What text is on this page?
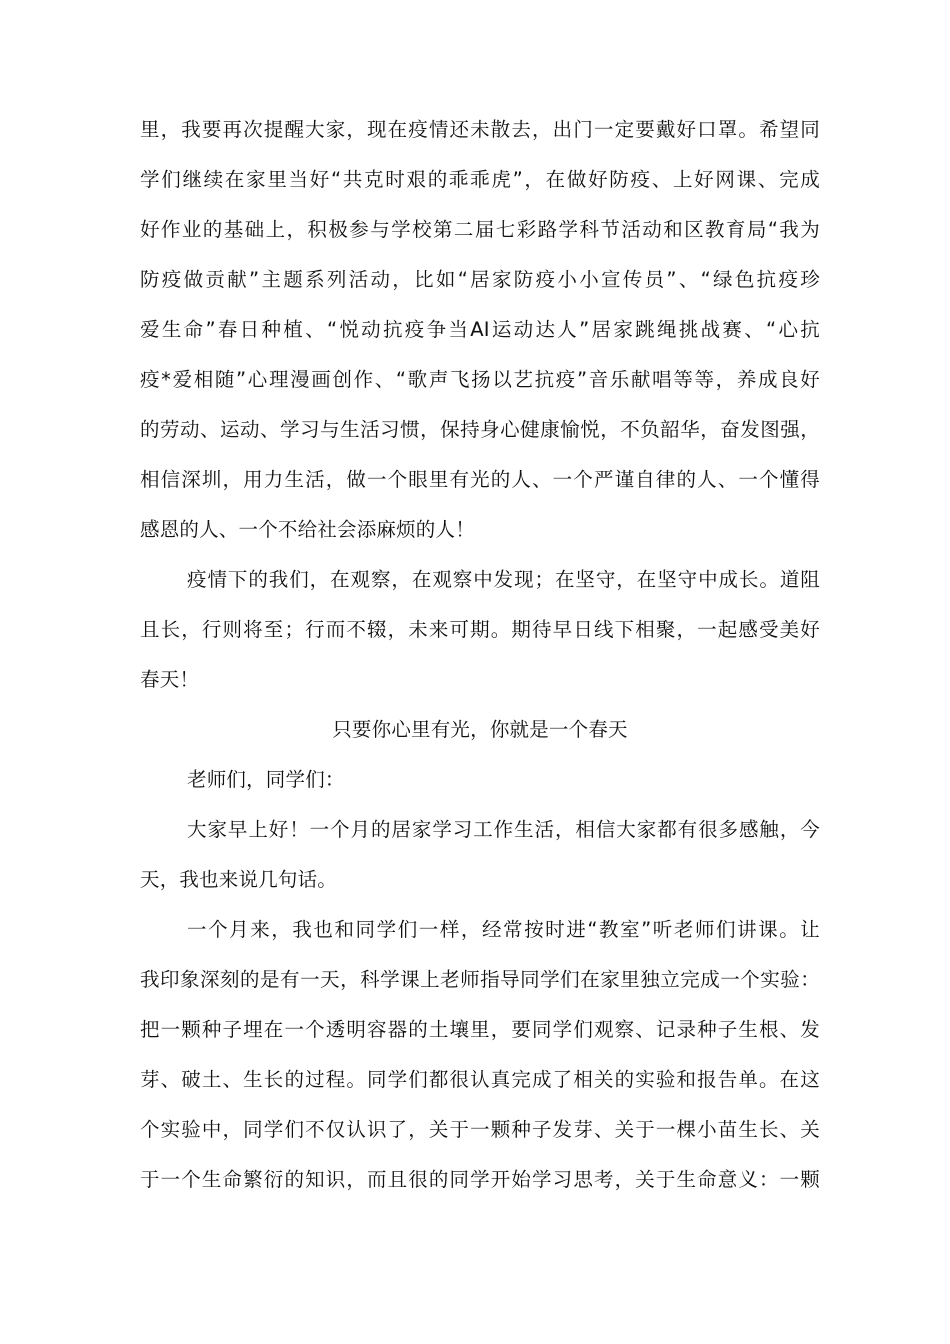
里，我要再次提醒大家，现在疫情还未散去，出门一定要戴好口罩。希望同
学们继续在家里当好“共克时艰的乖乖虎”，在做好防疫、上好网课、完成
好作业的基础上，积极参与学校第二届七彩路学科节活动和区教育局“我为
防疫做贡献”主题系列活动，比如“居家防疫小小宣传员”、“绿色抗疫珍
爱生命”春日种植、“悦动抗疫争当AI运动达人”居家跳绳挑战赛、“心抗
疫*爱相随”心理漫画创作、“歌声飞扬以艺抗疫”音乐献唱等等，养成良好
的劳动、运动、学习与生活习惯，保持身心健康愉悦，不负韶华，奋发图强，
相信深圳，用力生活，做一个眼里有光的人、一个严谨自律的人、一个懂得
感恩的人、一个不给社会添麻烦的人！
疫情下的我们，在观察，在观察中发现；在坚守，在坚守中成长。道阻
且长，行则将至；行而不辍，未来可期。期待早日线下相聚，一起感受美好
春天！
只要你心里有光，你就是一个春天
老师们，同学们：
大家早上好！一个月的居家学习工作生活，相信大家都有很多感触，今
天，我也来说几句话。
一个月来，我也和同学们一样，经常按时进“教室”听老师们讲课。让
我印象深刻的是有一天，科学课上老师指导同学们在家里独立完成一个实验：
把一颗种子埋在一个透明容器的土壤里，要同学们观察、记录种子生根、发
芽、破土、生长的过程。同学们都很认真完成了相关的实验和报告单。在这
个实验中，同学们不仅认识了，关于一颗种子发芽、关于一棵小苗生长、关
于一个生命繁衍的知识，而且很的同学开始学习思考，关于生命意义：一颗
